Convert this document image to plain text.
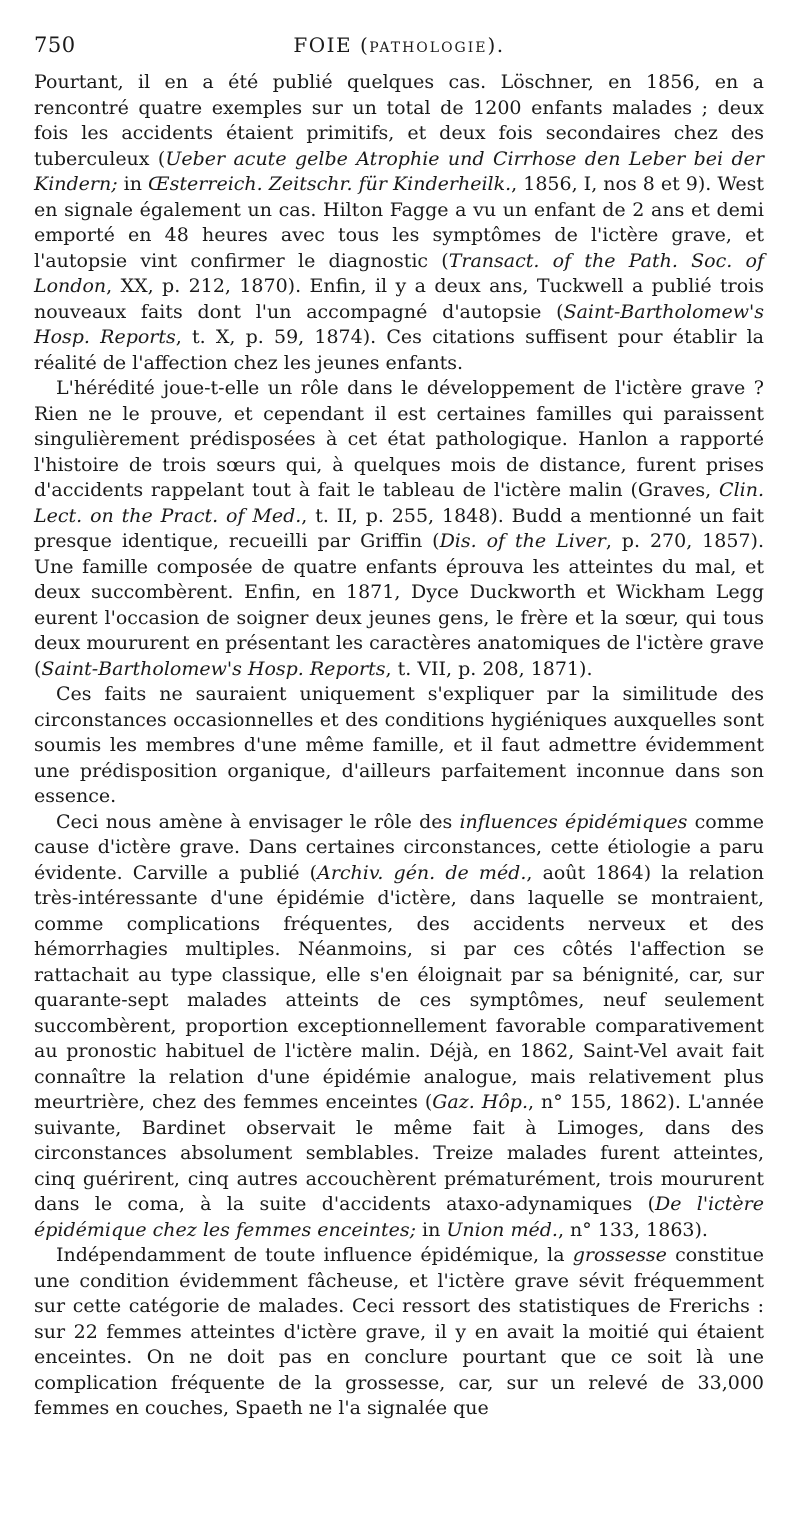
750	FOIE (PATHOLOGIE).

Pourtant, il en a été publié quelques cas. Löschner, en 1856, en a rencontré quatre exemples sur un total de 1200 enfants malades ; deux fois les accidents étaient primitifs, et deux fois secondaires chez des tuberculeux (Ueber acute gelbe Atrophie und Cirrhose den Leber bei der Kindern; in Œsterreich. Zeitschr. für Kinderheilk., 1856, I, nos 8 et 9). West en signale également un cas. Hilton Fagge a vu un enfant de 2 ans et demi emporté en 48 heures avec tous les symptômes de l'ictère grave, et l'autopsie vint confirmer le diagnostic (Transact. of the Path. Soc. of London, XX, p. 212, 1870). Enfin, il y a deux ans, Tuckwell a publié trois nouveaux faits dont l'un accompagné d'autopsie (Saint-Bartholomew's Hosp. Reports, t. X, p. 59, 1874). Ces citations suffisent pour établir la réalité de l'affection chez les jeunes enfants.

L'hérédité joue-t-elle un rôle dans le développement de l'ictère grave ? Rien ne le prouve, et cependant il est certaines familles qui paraissent singulièrement prédisposées à cet état pathologique. Hanlon a rapporté l'histoire de trois sœurs qui, à quelques mois de distance, furent prises d'accidents rappelant tout à fait le tableau de l'ictère malin (Graves, Clin. Lect. on the Pract. of Med., t. II, p. 255, 1848). Budd a mentionné un fait presque identique, recueilli par Griffin (Dis. of the Liver, p. 270, 1857). Une famille composée de quatre enfants éprouva les atteintes du mal, et deux succombèrent. Enfin, en 1871, Dyce Duckworth et Wickham Legg eurent l'occasion de soigner deux jeunes gens, le frère et la sœur, qui tous deux moururent en présentant les caractères anatomiques de l'ictère grave (Saint-Bartholomew's Hosp. Reports, t. VII, p. 208, 1871).

Ces faits ne sauraient uniquement s'expliquer par la similitude des circonstances occasionnelles et des conditions hygiéniques auxquelles sont soumis les membres d'une même famille, et il faut admettre évidemment une prédisposition organique, d'ailleurs parfaitement inconnue dans son essence.

Ceci nous amène à envisager le rôle des influences épidémiques comme cause d'ictère grave. Dans certaines circonstances, cette étiologie a paru évidente. Carville a publié (Archiv. gén. de méd., août 1864) la relation très-intéressante d'une épidémie d'ictère, dans laquelle se montraient, comme complications fréquentes, des accidents nerveux et des hémorrhagies multiples. Néanmoins, si par ces côtés l'affection se rattachait au type classique, elle s'en éloignait par sa bénignité, car, sur quarante-sept malades atteints de ces symptômes, neuf seulement succombèrent, proportion exceptionnellement favorable comparativement au pronostic habituel de l'ictère malin. Déjà, en 1862, Saint-Vel avait fait connaître la relation d'une épidémie analogue, mais relativement plus meurtrière, chez des femmes enceintes (Gaz. Hôp., n° 155, 1862). L'année suivante, Bardinet observait le même fait à Limoges, dans des circonstances absolument semblables. Treize malades furent atteintes, cinq guérirent, cinq autres accouchèrent prématurément, trois moururent dans le coma, à la suite d'accidents ataxo-adynamiques (De l'ictère épidémique chez les femmes enceintes; in Union méd., n° 133, 1863).

Indépendamment de toute influence épidémique, la grossesse constitue une condition évidemment fâcheuse, et l'ictère grave sévit fréquemment sur cette catégorie de malades. Ceci ressort des statistiques de Frerichs : sur 22 femmes atteintes d'ictère grave, il y en avait la moitié qui étaient enceintes. On ne doit pas en conclure pourtant que ce soit là une complication fréquente de la grossesse, car, sur un relevé de 33,000 femmes en couches, Spaeth ne l'a signalée que
